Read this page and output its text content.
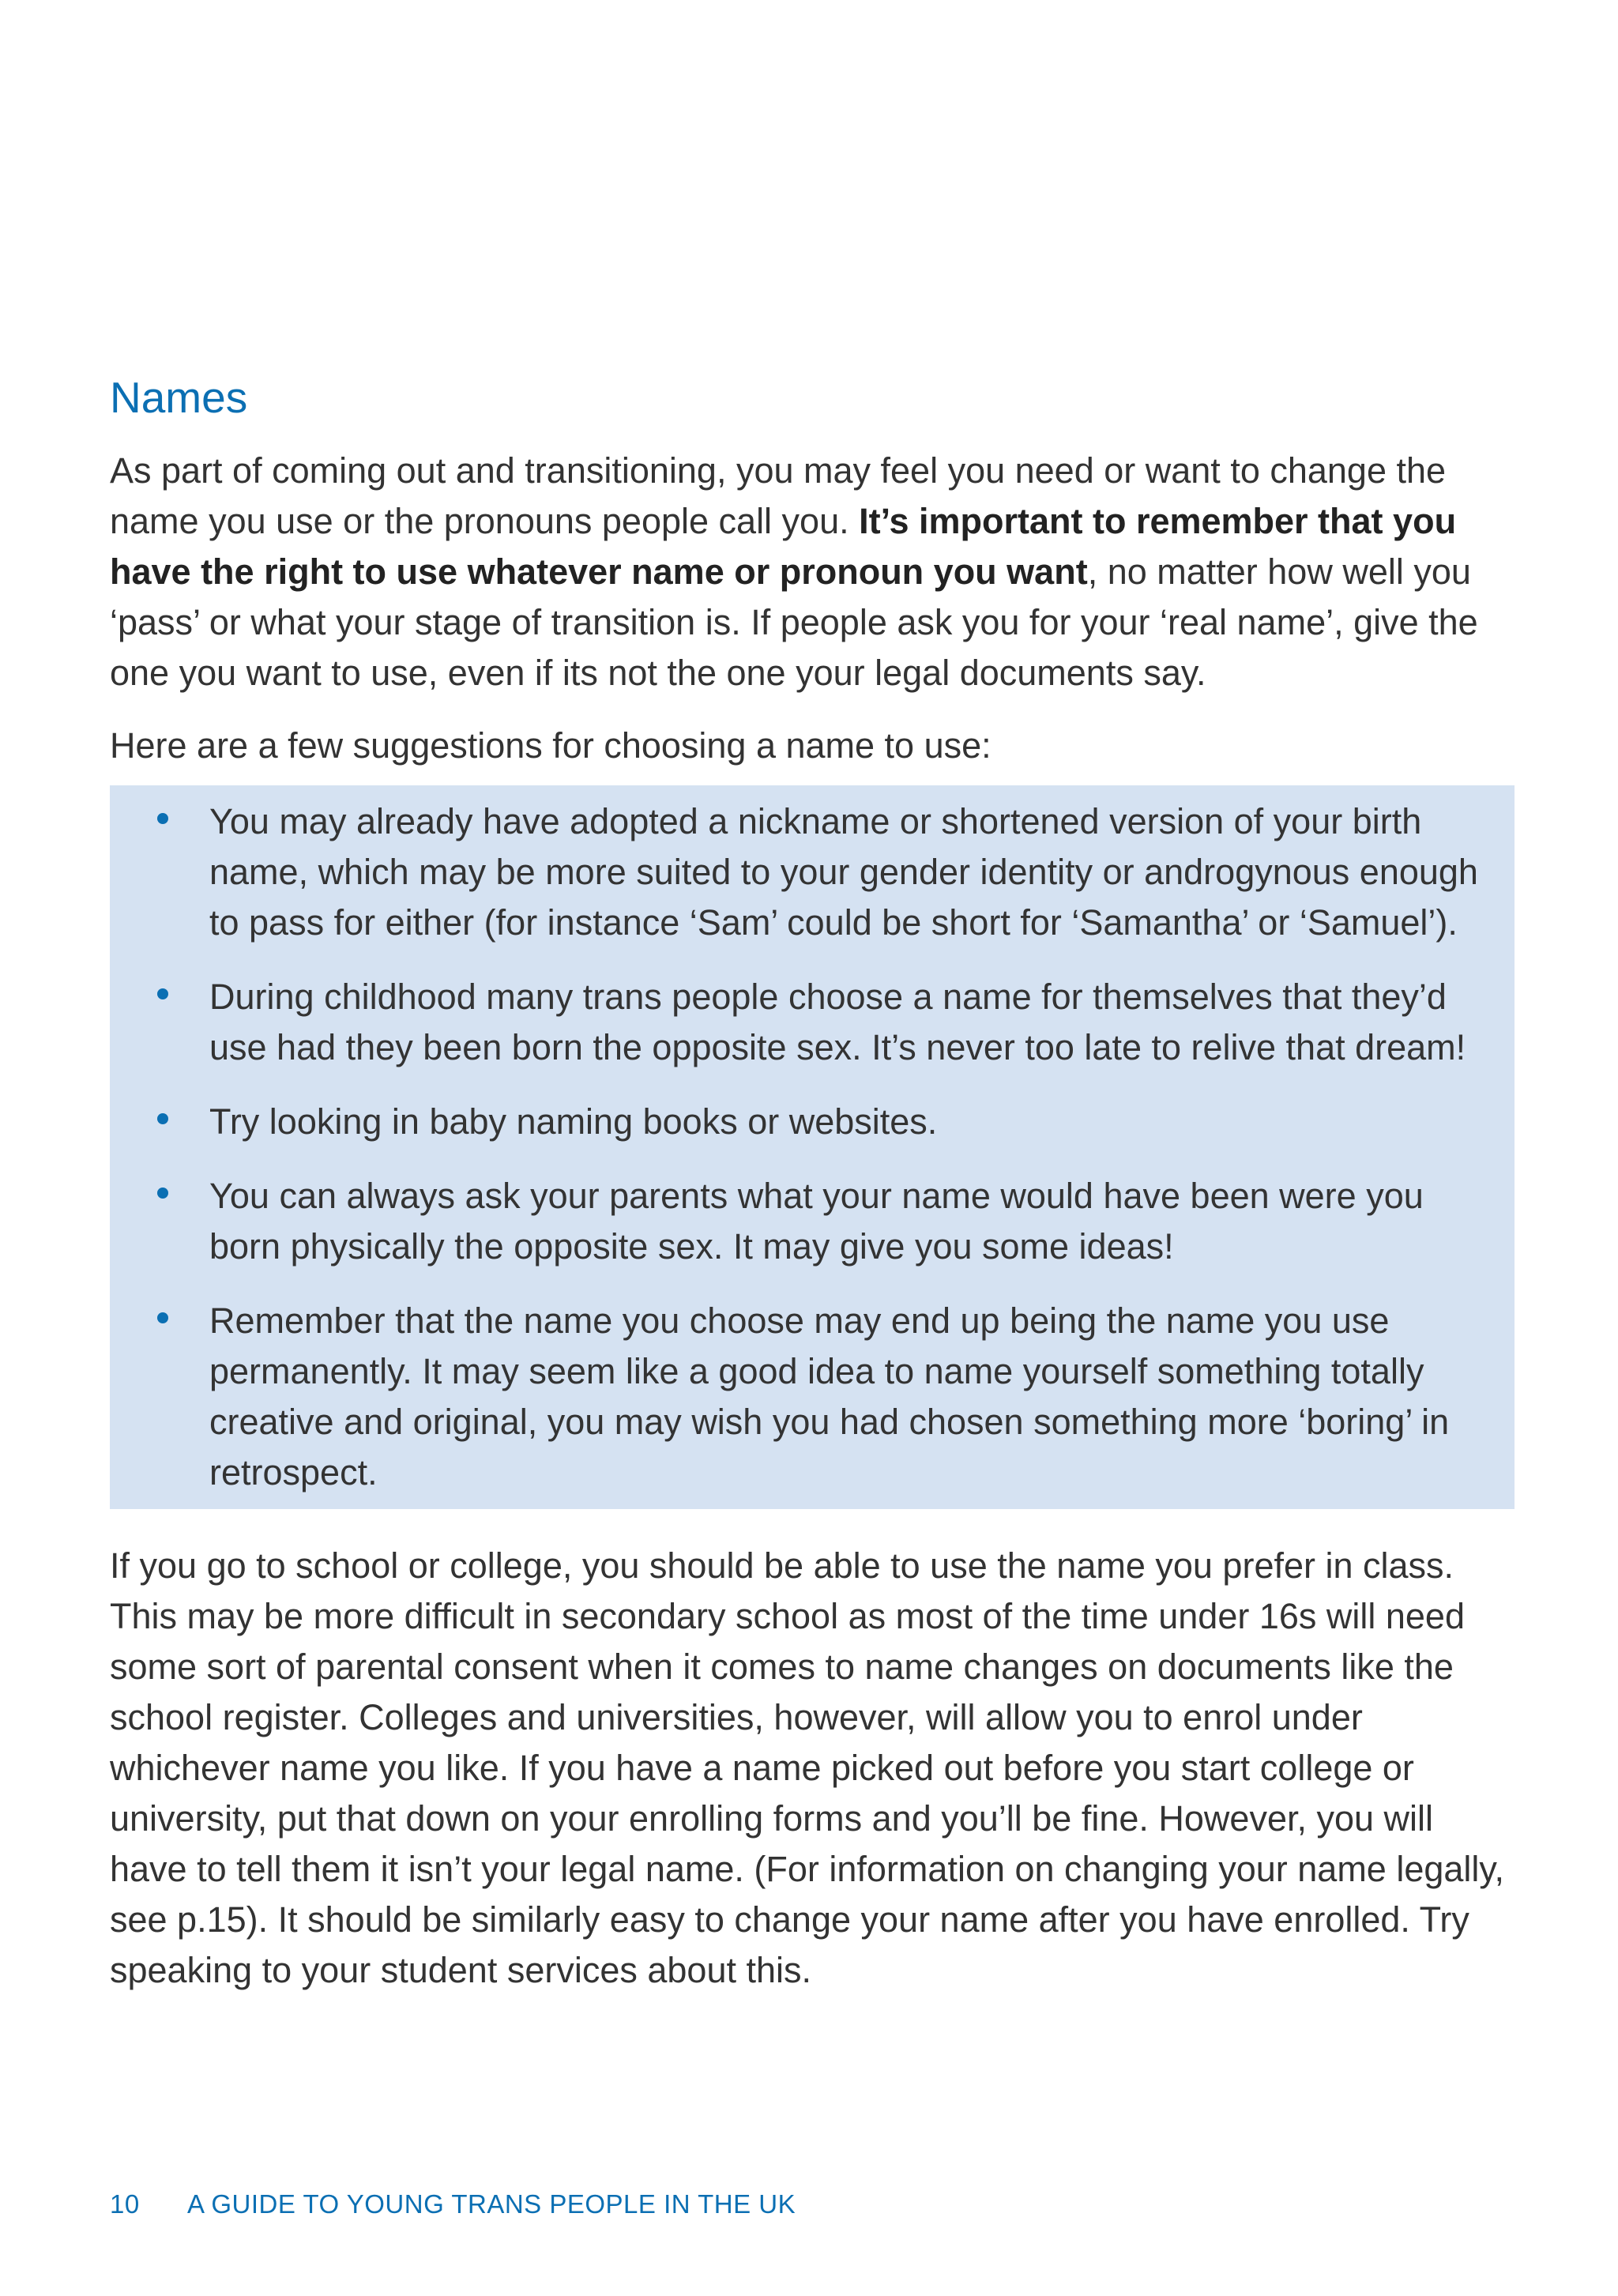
Names

As part of coming out and transitioning, you may feel you need or want to change the name you use or the pronouns people call you. It’s important to remember that you have the right to use whatever name or pronoun you want, no matter how well you ‘pass’ or what your stage of transition is. If people ask you for your ‘real name’, give the one you want to use, even if its not the one your legal documents say.

Here are a few suggestions for choosing a name to use:

You may already have adopted a nickname or shortened version of your birth name, which may be more suited to your gender identity or androgynous enough to pass for either (for instance ‘Sam’ could be short for ‘Samantha’ or ‘Samuel’).
During childhood many trans people choose a name for themselves that they’d use had they been born the opposite sex. It’s never too late to relive that dream!
Try looking in baby naming books or websites.
You can always ask your parents what your name would have been were you born physically the opposite sex. It may give you some ideas!
Remember that the name you choose may end up being the name you use permanently. It may seem like a good idea to name yourself something totally creative and original, you may wish you had chosen something more ‘boring’ in retrospect.

If you go to school or college, you should be able to use the name you prefer in class. This may be more difficult in secondary school as most of the time under 16s will need some sort of parental consent when it comes to name changes on documents like the school register. Colleges and universities, however, will allow you to enrol under whichever name you like. If you have a name picked out before you start college or university, put that down on your enrolling forms and you’ll be fine. However, you will have to tell them it isn’t your legal name. (For information on changing your name legally, see p.15). It should be similarly easy to change your name after you have enrolled. Try speaking to your student services about this.

10 A GUIDE TO YOUNG TRANS PEOPLE IN THE UK
